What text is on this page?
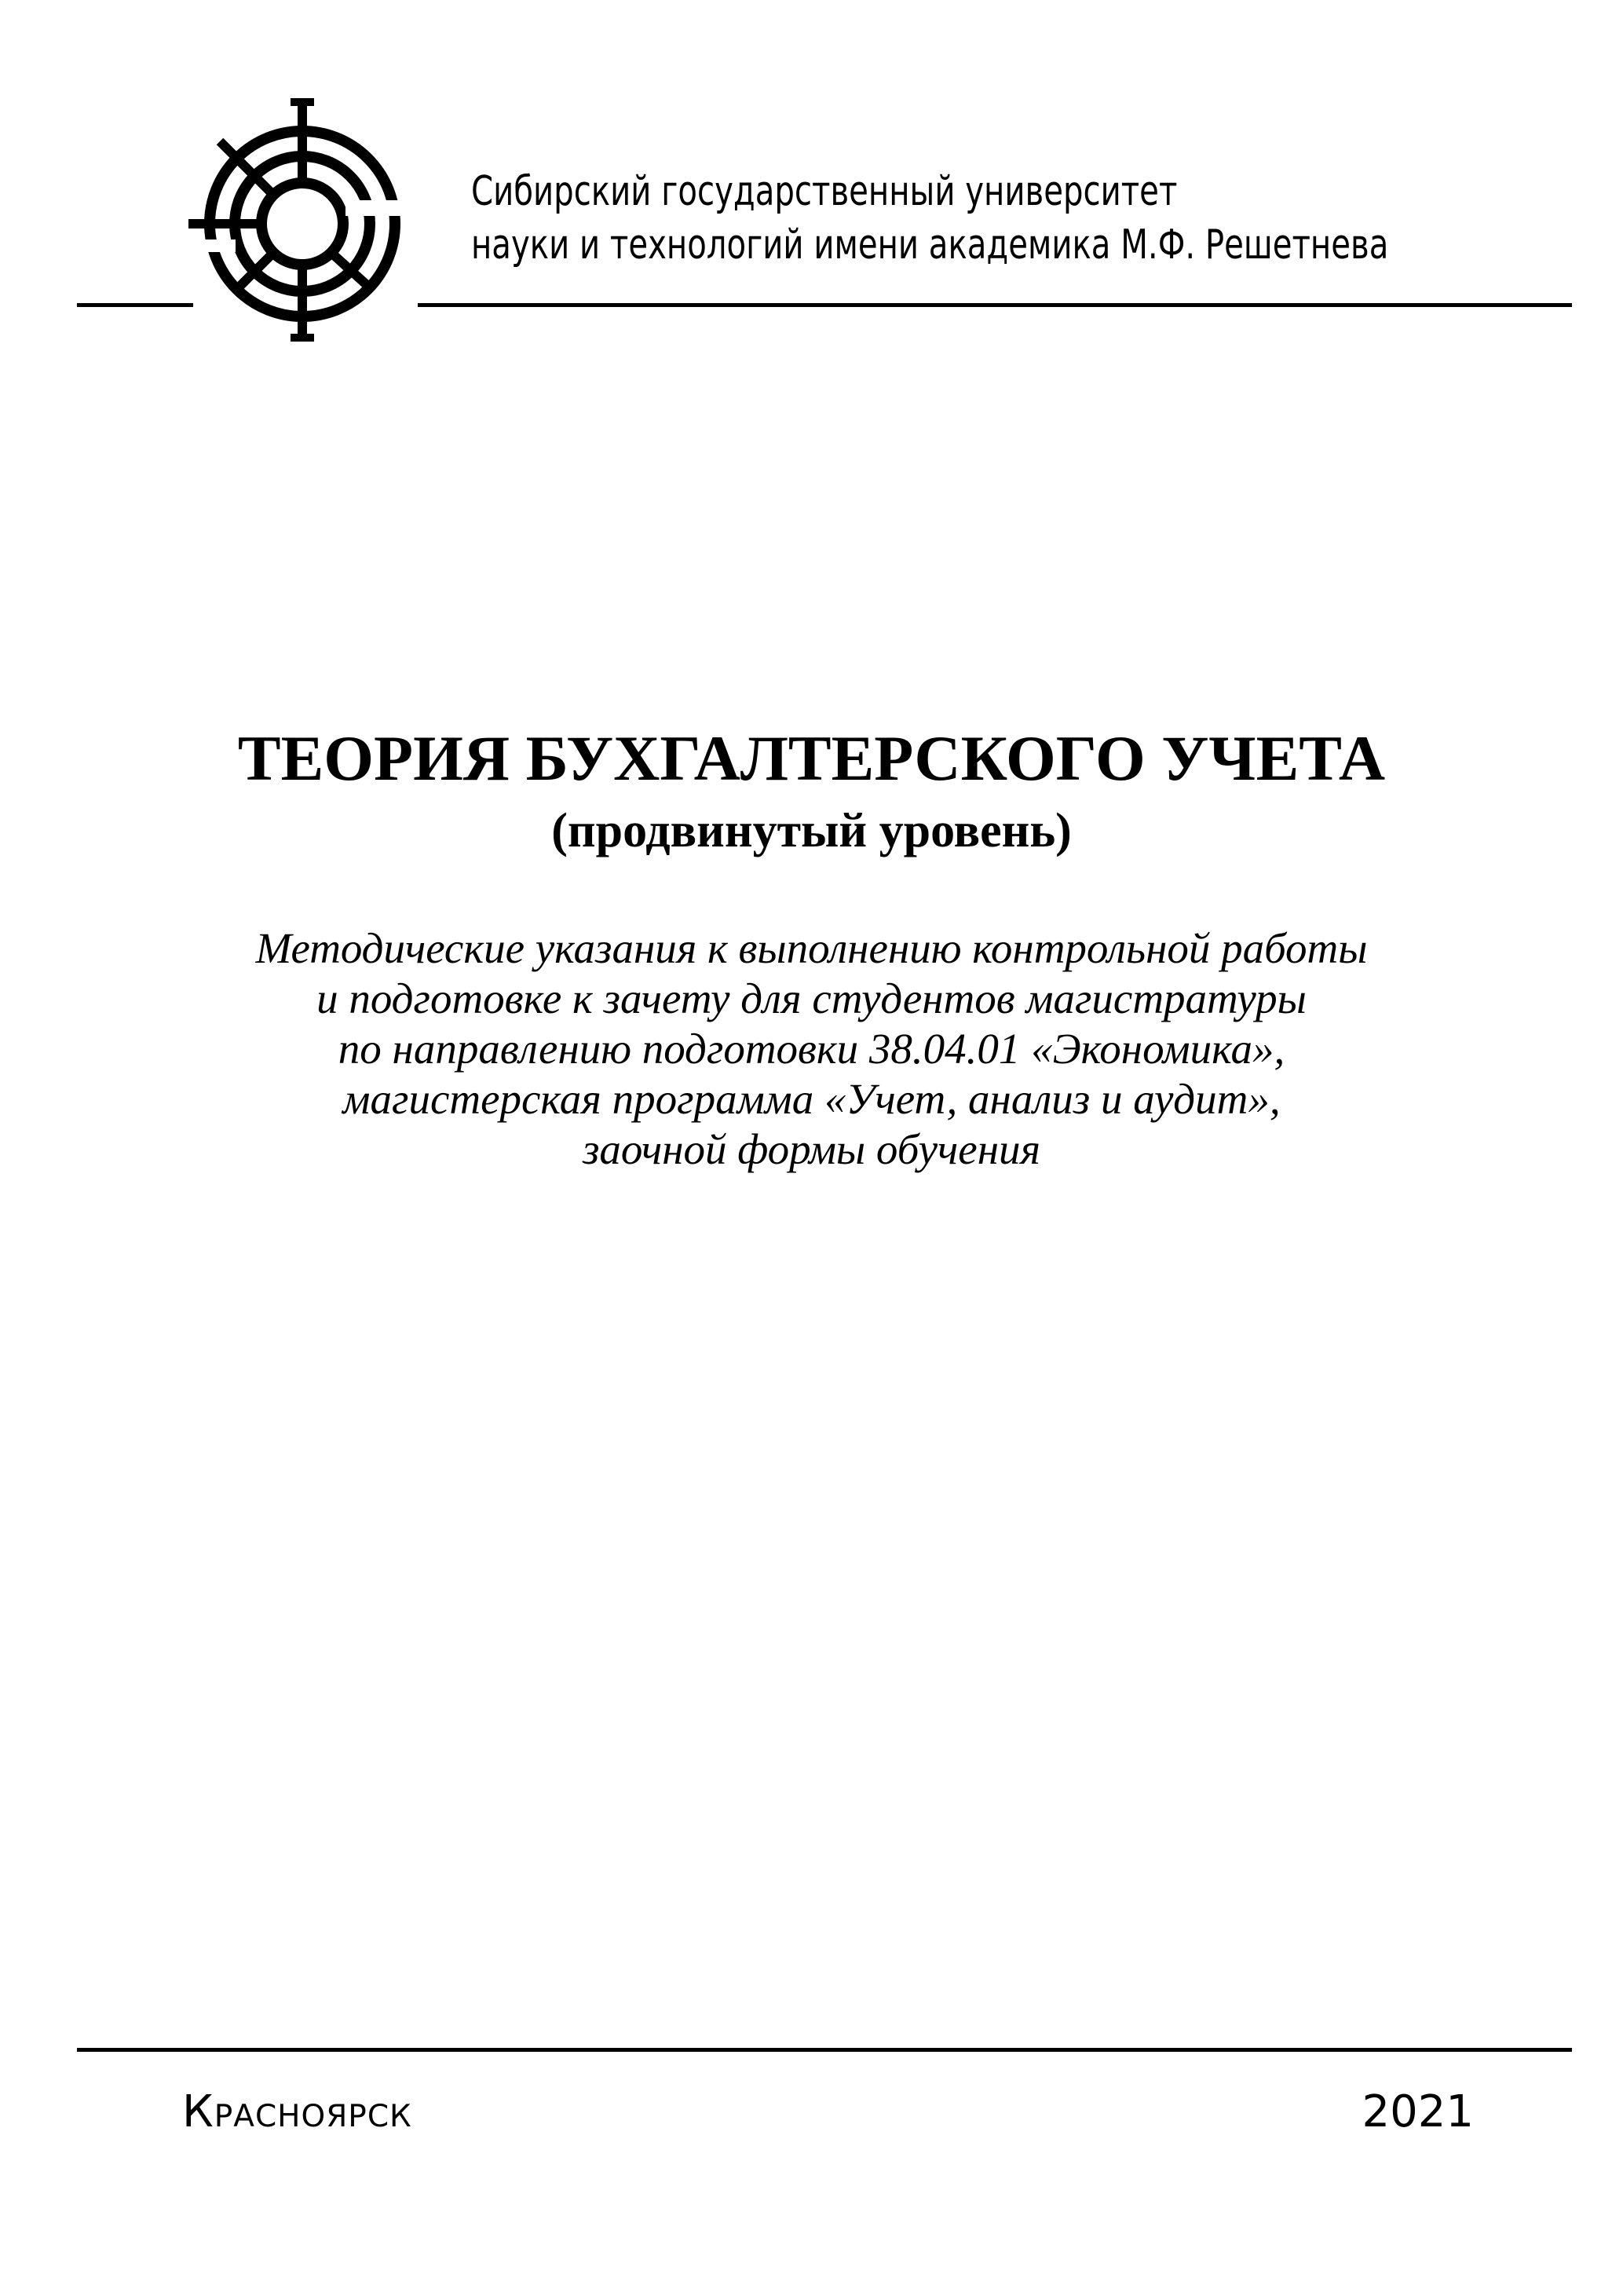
Сибирский государственный университет
науки и технологий имени академика М.Ф. Решетнева
ТЕОРИЯ БУХГАЛТЕРСКОГО УЧЕТА
(продвинутый уровень)
Методические указания к выполнению контрольной работы
и подготовке к зачету для студентов магистратуры
по направлению подготовки 38.04.01 «Экономика»,
магистерская программа «Учет, анализ и аудит»,
заочной формы обучения
Красноярск	2021
